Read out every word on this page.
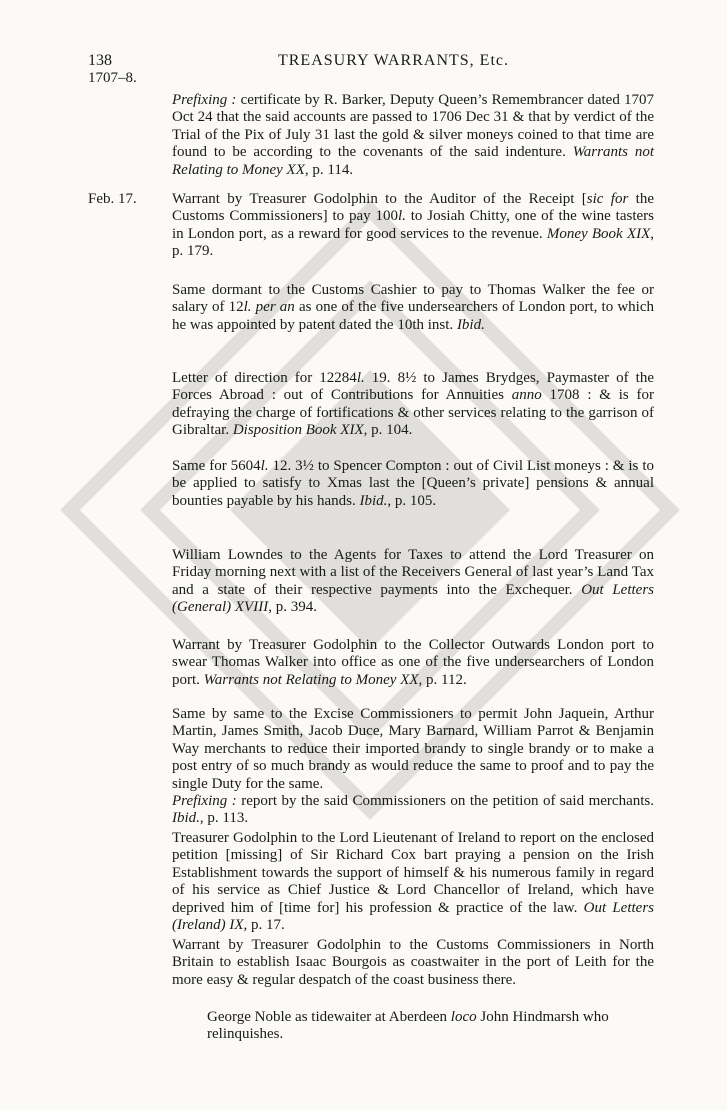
138	TREASURY WARRANTS, Etc.
1707–8.
Prefixing : certificate by R. Barker, Deputy Queen’s Remembrancer dated 1707 Oct 24 that the said accounts are passed to 1706 Dec 31 & that by verdict of the Trial of the Pix of July 31 last the gold & silver moneys coined to that time are found to be according to the covenants of the said indenture. Warrants not Relating to Money XX, p. 114.
Feb. 17. Warrant by Treasurer Godolphin to the Auditor of the Receipt [sic for the Customs Commissioners] to pay 100l. to Josiah Chitty, one of the wine tasters in London port, as a reward for good services to the revenue. Money Book XIX, p. 179.
Same dormant to the Customs Cashier to pay to Thomas Walker the fee or salary of 12l. per an as one of the five undersearchers of London port, to which he was appointed by patent dated the 10th inst. Ibid.
Letter of direction for 12284l. 19. 8½ to James Brydges, Paymaster of the Forces Abroad : out of Contributions for Annuities anno 1708 : & is for defraying the charge of fortifications & other services relating to the garrison of Gibraltar. Disposition Book XIX, p. 104.
Same for 5604l. 12. 3½ to Spencer Compton : out of Civil List moneys : & is to be applied to satisfy to Xmas last the [Queen’s private] pensions & annual bounties payable by his hands. Ibid., p. 105.
William Lowndes to the Agents for Taxes to attend the Lord Treasurer on Friday morning next with a list of the Receivers General of last year’s Land Tax and a state of their respective payments into the Exchequer. Out Letters (General) XVIII, p. 394.
Warrant by Treasurer Godolphin to the Collector Outwards London port to swear Thomas Walker into office as one of the five undersearchers of London port. Warrants not Relating to Money XX, p. 112.
Same by same to the Excise Commissioners to permit John Jaquein, Arthur Martin, James Smith, Jacob Duce, Mary Barnard, William Parrot & Benjamin Way merchants to reduce their imported brandy to single brandy or to make a post entry of so much brandy as would reduce the same to proof and to pay the single Duty for the same.
Prefixing : report by the said Commissioners on the petition of said merchants. Ibid., p. 113.
Treasurer Godolphin to the Lord Lieutenant of Ireland to report on the enclosed petition [missing] of Sir Richard Cox bart praying a pension on the Irish Establishment towards the support of himself & his numerous family in regard of his service as Chief Justice & Lord Chancellor of Ireland, which have deprived him of [time for] his profession & practice of the law. Out Letters (Ireland) IX, p. 17.
Warrant by Treasurer Godolphin to the Customs Commissioners in North Britain to establish Isaac Bourgois as coastwaiter in the port of Leith for the more easy & regular despatch of the coast business there.
George Noble as tidewaiter at Aberdeen loco John Hindmarsh who relinquishes.
